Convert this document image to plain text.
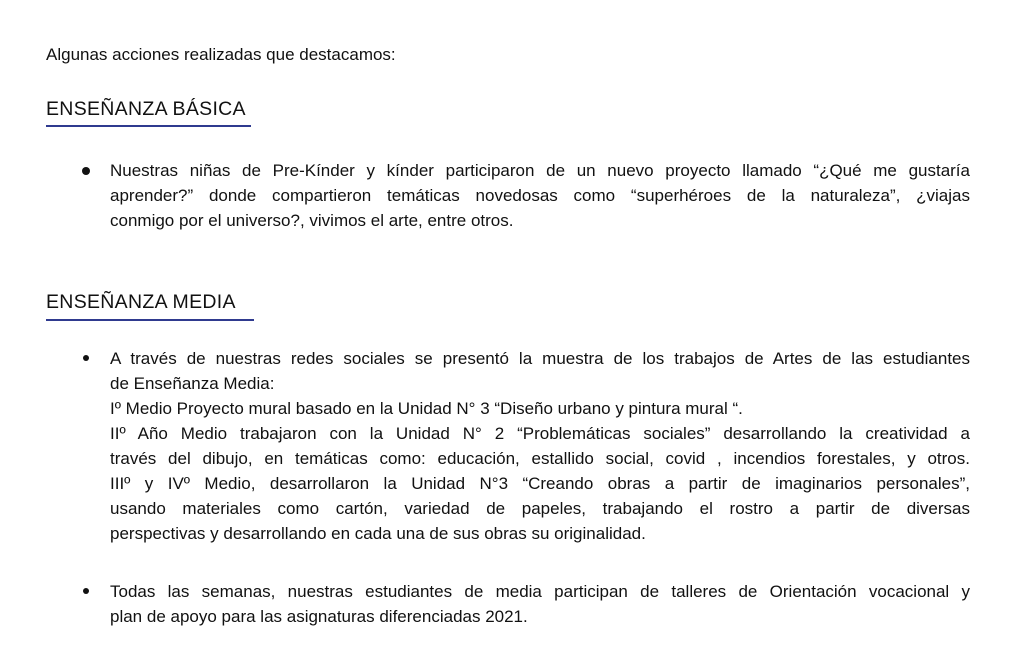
Algunas acciones realizadas que destacamos:
ENSEÑANZA BÁSICA
Nuestras niñas de Pre-Kínder y kínder participaron de un nuevo proyecto llamado “¿Qué me gustaría
aprender?” donde compartieron temáticas novedosas como “superhéroes de la naturaleza”, ¿viajas
conmigo por el universo?, vivimos el arte, entre otros.
ENSEÑANZA MEDIA
A través de nuestras redes sociales se presentó la muestra de los trabajos de Artes de las estudiantes
de Enseñanza Media:
Iº Medio Proyecto mural basado en la Unidad N° 3 “Diseño urbano y pintura mural “.
IIº Año Medio trabajaron con la Unidad N° 2 “Problemáticas sociales” desarrollando la creatividad a
través del dibujo, en temáticas como: educación, estallido social, covid , incendios forestales, y otros.
IIIº y IVº Medio, desarrollaron la Unidad N°3 “Creando obras a partir de imaginarios personales”,
usando materiales como cartón, variedad de papeles, trabajando el rostro a partir de diversas
perspectivas y desarrollando en cada una de sus obras su originalidad.
Todas las semanas, nuestras estudiantes de media participan de talleres de Orientación vocacional y
plan de apoyo para las asignaturas diferenciadas 2021.
